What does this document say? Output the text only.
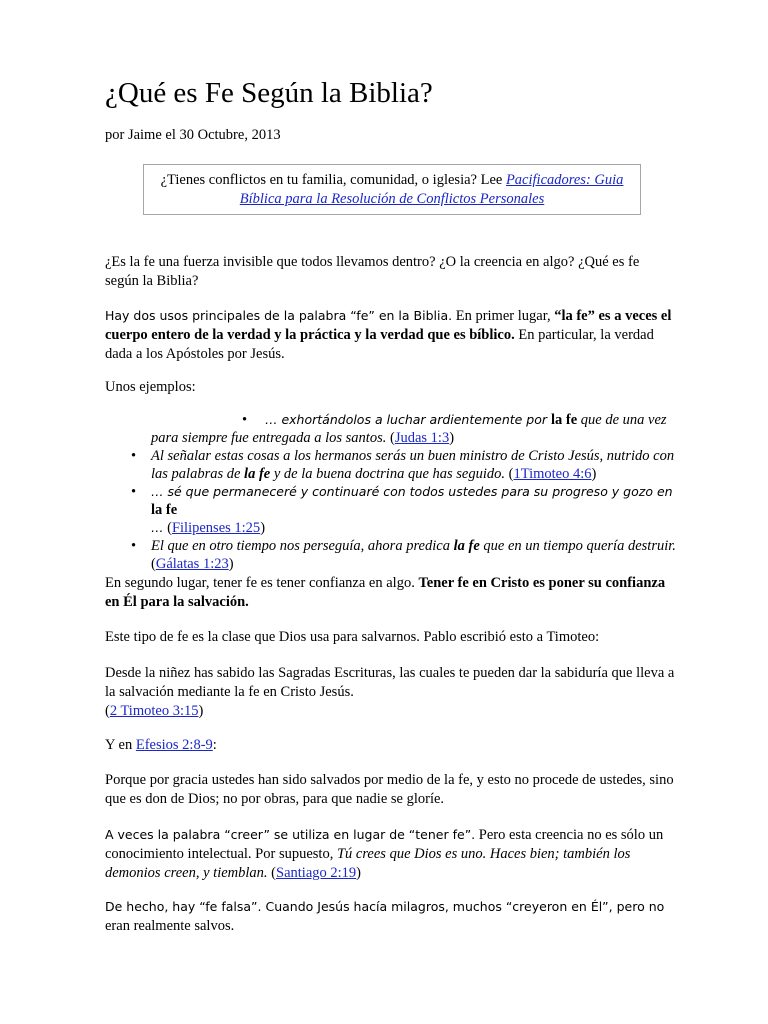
¿Qué es Fe Según la Biblia?
por Jaime el 30 Octubre, 2013
¿Tienes conflictos en tu familia, comunidad, o iglesia? Lee Pacificadores: Guia Bíblica para la Resolución de Conflictos Personales

¿Es la fe una fuerza invisible que todos llevamos dentro? ¿O la creencia en algo? ¿Qué es fe según la Biblia?

Hay dos usos principales de la palabra “fe” en la Biblia. En primer lugar, “la fe” es a veces el cuerpo entero de la verdad y la práctica y la verdad que es bíblico. En particular, la verdad dada a los Apóstoles por Jesús.

Unos ejemplos:

• … exhortándolos a luchar ardientemente por la fe que de una vez para siempre fue entregada a los santos. (Judas 1:3)
• Al señalar estas cosas a los hermanos serás un buen ministro de Cristo Jesús, nutrido con las palabras de la fe y de la buena doctrina que has seguido. (1Timoteo 4:6)
• … sé que permaneceré y continuaré con todos ustedes para su progreso y gozo en la fe
… (Filipenses 1:25)
• El que en otro tiempo nos perseguía, ahora predica la fe que en un tiempo quería destruir. (Gálatas 1:23)

En segundo lugar, tener fe es tener confianza en algo. Tener fe en Cristo es poner su confianza en Él para la salvación.

Este tipo de fe es la clase que Dios usa para salvarnos. Pablo escribió esto a Timoteo:

Desde la niñez has sabido las Sagradas Escrituras, las cuales te pueden dar la sabiduría que lleva a la salvación mediante la fe en Cristo Jesús.
(2 Timoteo 3:15)

Y en Efesios 2:8-9:

Porque por gracia ustedes han sido salvados por medio de la fe, y esto no procede de ustedes, sino que es don de Dios; no por obras, para que nadie se gloríe.

A veces la palabra “creer” se utiliza en lugar de “tener fe”. Pero esta creencia no es sólo un conocimiento intelectual. Por supuesto, Tú crees que Dios es uno. Haces bien; también los demonios creen, y tiemblan. (Santiago 2:19)

De hecho, hay “fe falsa”. Cuando Jesús hacía milagros, muchos “creyeron en Él”, pero no
eran realmente salvos.
